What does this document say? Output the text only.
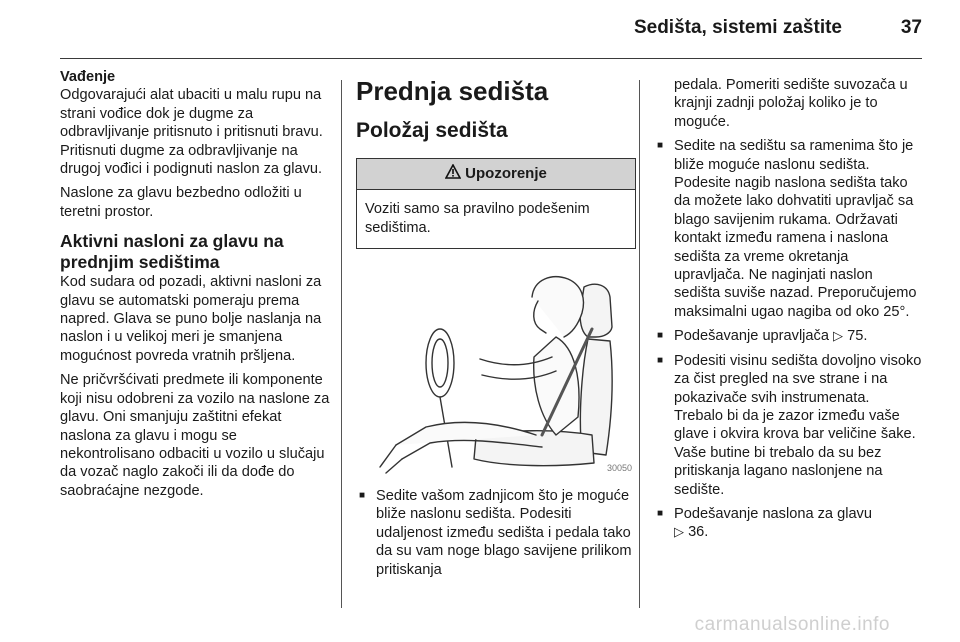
Sedišta, sistemi zaštite	37
Vađenje

Odgovarajući alat ubaciti u malu rupu na strani vođice dok je dugme za odbravljivanje pritisnuto i pritisnuti bravu. Pritisnuti dugme za odbravljivanje na drugoj vođici i podignuti naslon za glavu.

Naslone za glavu bezbedno odložiti u teretni prostor.

Aktivni nasloni za glavu na prednjim sedištima

Kod sudara od pozadi, aktivni nasloni za glavu se automatski pomeraju prema napred. Glava se puno bolje naslanja na naslon i u velikoj meri je smanjena mogućnost povreda vratnih pršljena.

Ne pričvršćivati predmete ili komponente koji nisu odobreni za vozilo na naslone za glavu. Oni smanjuju zaštitni efekat naslona za glavu i mogu se nekontrolisano odbaciti u vozilo u slučaju da vozač naglo zakoči ili da dođe do saobraćajne nezgode.

Prednja sedišta
Položaj sedišta
Upozorenje
Voziti samo sa pravilno podešenim sedištima.
30050
■ Sedite vašom zadnjicom što je moguće bliže naslonu sedišta. Podesiti udaljenost između sedišta i pedala tako da su vam noge blago savijene prilikom pritiskanja
pedala. Pomeriti sedište suvozača u krajnji zadnji položaj koliko je to moguće.
■ Sedite na sedištu sa ramenima što je bliže moguće naslonu sedišta. Podesite nagib naslona sedišta tako da možete lako dohvatiti upravljač sa blago savijenim rukama. Održavati kontakt između ramena i naslona sedišta za vreme okretanja upravljača. Ne naginjati naslon sedišta suviše nazad. Preporučujemo maksimalni ugao nagiba od oko 25°.
■ Podešavanje upravljača ▷ 75.
■ Podesiti visinu sedišta dovoljno visoko za čist pregled na sve strane i na pokazivače svih instrumenata. Trebalo bi da je zazor između vaše glave i okvira krova bar veličine šake. Vaše butine bi trebalo da su bez pritiskanja lagano naslonjene na sedište.
■ Podešavanje naslona za glavu
▷ 36.
carmanualsonline.info
